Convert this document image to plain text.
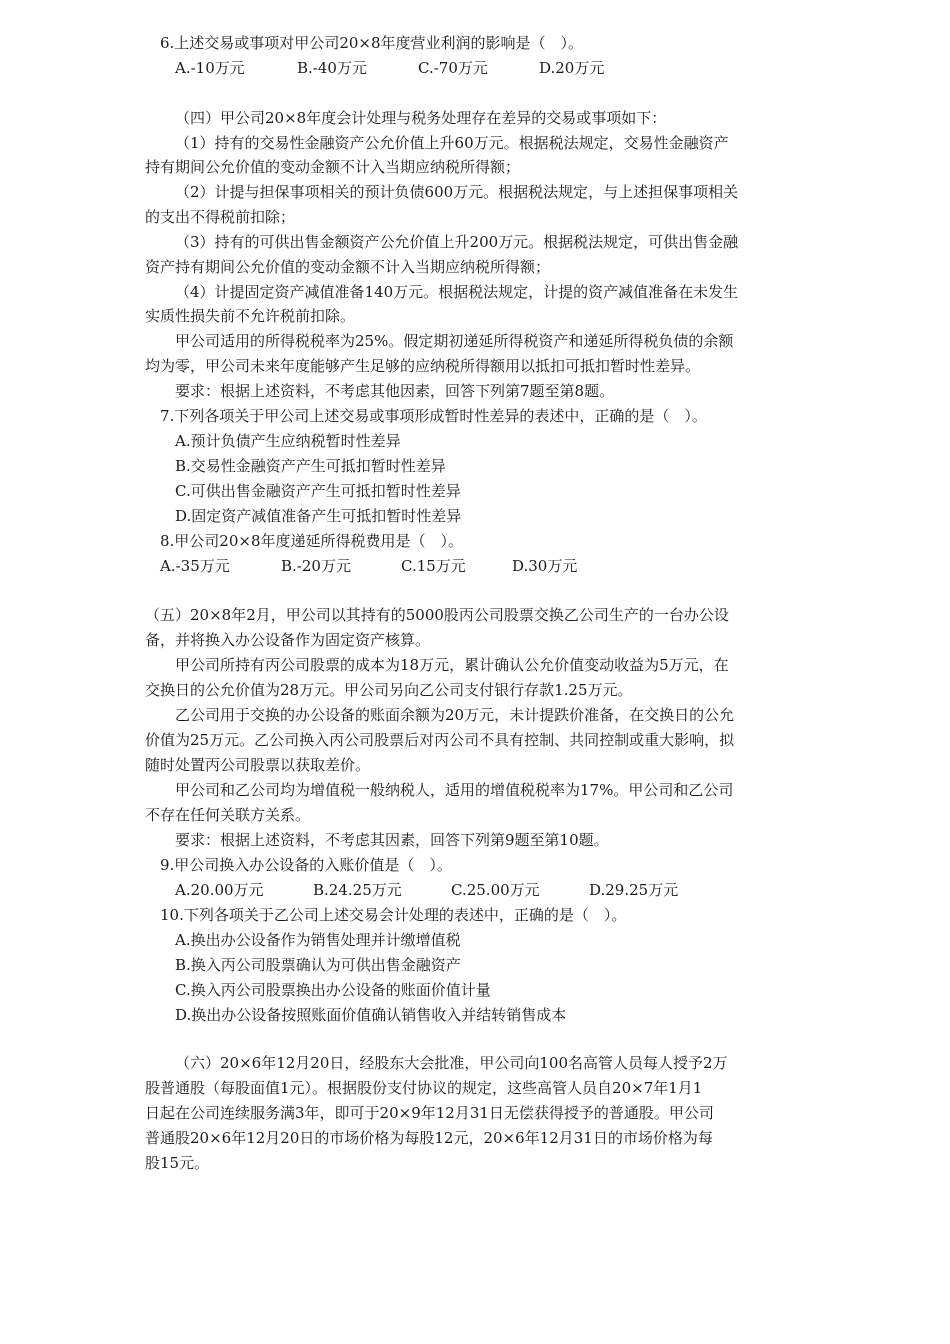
6.上述交易或事项对甲公司20×8年度营业利润的影响是（　）。
A.-10万元	B.-40万元	C.-70万元	D.20万元
（四）甲公司20×8年度会计处理与税务处理存在差异的交易或事项如下：
（1）持有的交易性金融资产公允价值上升60万元。根据税法规定，交易性金融资产
持有期间公允价值的变动金额不计入当期应纳税所得额；
（2）计提与担保事项相关的预计负债600万元。根据税法规定，与上述担保事项相关
的支出不得税前扣除；
（3）持有的可供出售金额资产公允价值上升200万元。根据税法规定，可供出售金融
资产持有期间公允价值的变动金额不计入当期应纳税所得额；
（4）计提固定资产减值准备140万元。根据税法规定，计提的资产减值准备在未发生
实质性损失前不允许税前扣除。
甲公司适用的所得税税率为25%。假定期初递延所得税资产和递延所得税负债的余额
均为零，甲公司未来年度能够产生足够的应纳税所得额用以抵扣可抵扣暂时性差异。
要求：根据上述资料，不考虑其他因素，回答下列第7题至第8题。
7.下列各项关于甲公司上述交易或事项形成暂时性差异的表述中，正确的是（　）。
A.预计负债产生应纳税暂时性差异
B.交易性金融资产产生可抵扣暂时性差异
C.可供出售金融资产产生可抵扣暂时性差异
D.固定资产减值准备产生可抵扣暂时性差异
8.甲公司20×8年度递延所得税费用是（　）。
A.-35万元	B.-20万元	C.15万元	D.30万元
（五）20×8年2月，甲公司以其持有的5000股丙公司股票交换乙公司生产的一台办公设
备，并将换入办公设备作为固定资产核算。
甲公司所持有丙公司股票的成本为18万元，累计确认公允价值变动收益为5万元，在
交换日的公允价值为28万元。甲公司另向乙公司支付银行存款1.25万元。
乙公司用于交换的办公设备的账面余额为20万元，未计提跌价准备，在交换日的公允
价值为25万元。乙公司换入丙公司股票后对丙公司不具有控制、共同控制或重大影响，拟
随时处置丙公司股票以获取差价。
甲公司和乙公司均为增值税一般纳税人，适用的增值税税率为17%。甲公司和乙公司
不存在任何关联方关系。
要求：根据上述资料，不考虑其因素，回答下列第9题至第10题。
9.甲公司换入办公设备的入账价值是（　）。
A.20.00万元	B.24.25万元	C.25.00万元	D.29.25万元
10.下列各项关于乙公司上述交易会计处理的表述中，正确的是（　）。
A.换出办公设备作为销售处理并计缴增值税
B.换入丙公司股票确认为可供出售金融资产
C.换入丙公司股票换出办公设备的账面价值计量
D.换出办公设备按照账面价值确认销售收入并结转销售成本
（六）20×6年12月20日，经股东大会批准，甲公司向100名高管人员每人授予2万
股普通股（每股面值1元）。根据股份支付协议的规定，这些高管人员自20×7年1月1
日起在公司连续服务满3年，即可于20×9年12月31日无偿获得授予的普通股。甲公司
普通股20×6年12月20日的市场价格为每股12元，20×6年12月31日的市场价格为每
股15元。
